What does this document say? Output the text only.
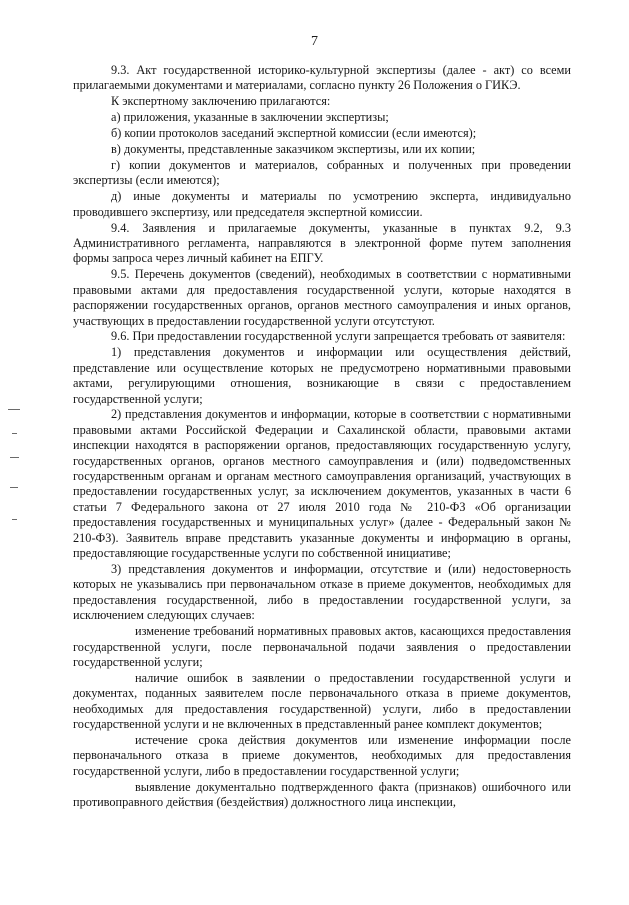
7

9.3. Акт государственной историко-культурной экспертизы (далее - акт) со всеми прилагаемыми документами и материалами, согласно пункту 26 Положения о ГИКЭ.

К экспертному заключению прилагаются:

а) приложения, указанные в заключении экспертизы;

б) копии протоколов заседаний экспертной комиссии (если имеются);

в) документы, представленные заказчиком экспертизы, или их копии;

г) копии документов и материалов, собранных и полученных при проведении экспертизы (если имеются);

д) иные документы и материалы по усмотрению эксперта, индивидуально проводившего экспертизу, или председателя экспертной комиссии.

9.4. Заявления и прилагаемые документы, указанные в пунктах 9.2, 9.3 Административного регламента, направляются в электронной форме путем заполнения формы запроса через личный кабинет на ЕПГУ.

9.5. Перечень документов (сведений), необходимых в соответствии с нормативными правовыми актами для предоставления государственной услуги, которые находятся в распоряжении государственных органов, органов местного самоупраления и иных органов, участвующих в предоставлении государственной услуги отсутстуют.

9.6. При предоставлении государственной услуги запрещается требовать от заявителя:

1) представления документов и информации или осуществления действий, представление или осуществление которых не предусмотрено нормативными правовыми актами, регулирующими отношения, возникающие в связи с предоставлением государственной услуги;

2) представления документов и информации, которые в соответствии с нормативными правовыми актами Российской Федерации и Сахалинской области, правовыми актами инспекции находятся в распоряжении органов, предоставляющих государственную услугу, государственных органов, органов местного самоуправления и (или) подведомственных государственным органам и органам местного самоуправления организаций, участвующих в предоставлении государственных услуг, за исключением документов, указанных в части 6 статьи 7 Федерального закона от 27 июля 2010 года № 210-ФЗ «Об организации предоставления государственных и муниципальных услуг» (далее - Федеральный закон № 210-ФЗ). Заявитель вправе представить указанные документы и информацию в органы, предоставляющие государственные услуги по собственной инициативе;

3) представления документов и информации, отсутствие и (или) недостоверность которых не указывались при первоначальном отказе в приеме документов, необходимых для предоставления государственной, либо в предоставлении государственной услуги, за исключением следующих случаев:

изменение требований нормативных правовых актов, касающихся предоставления государственной услуги, после первоначальной подачи заявления о предоставлении государственной услуги;

наличие ошибок в заявлении о предоставлении государственной услуги и документах, поданных заявителем после первоначального отказа в приеме документов, необходимых для предоставления государственной) услуги, либо в предоставлении государственной услуги и не включенных в представленный ранее комплект документов;

истечение срока действия документов или изменение информации после первоначального отказа в приеме документов, необходимых для предоставления государственной услуги, либо в предоставлении государственной услуги;

выявление документально подтвержденного факта (признаков) ошибочного или противоправного действия (бездействия) должностного лица инспекции,
